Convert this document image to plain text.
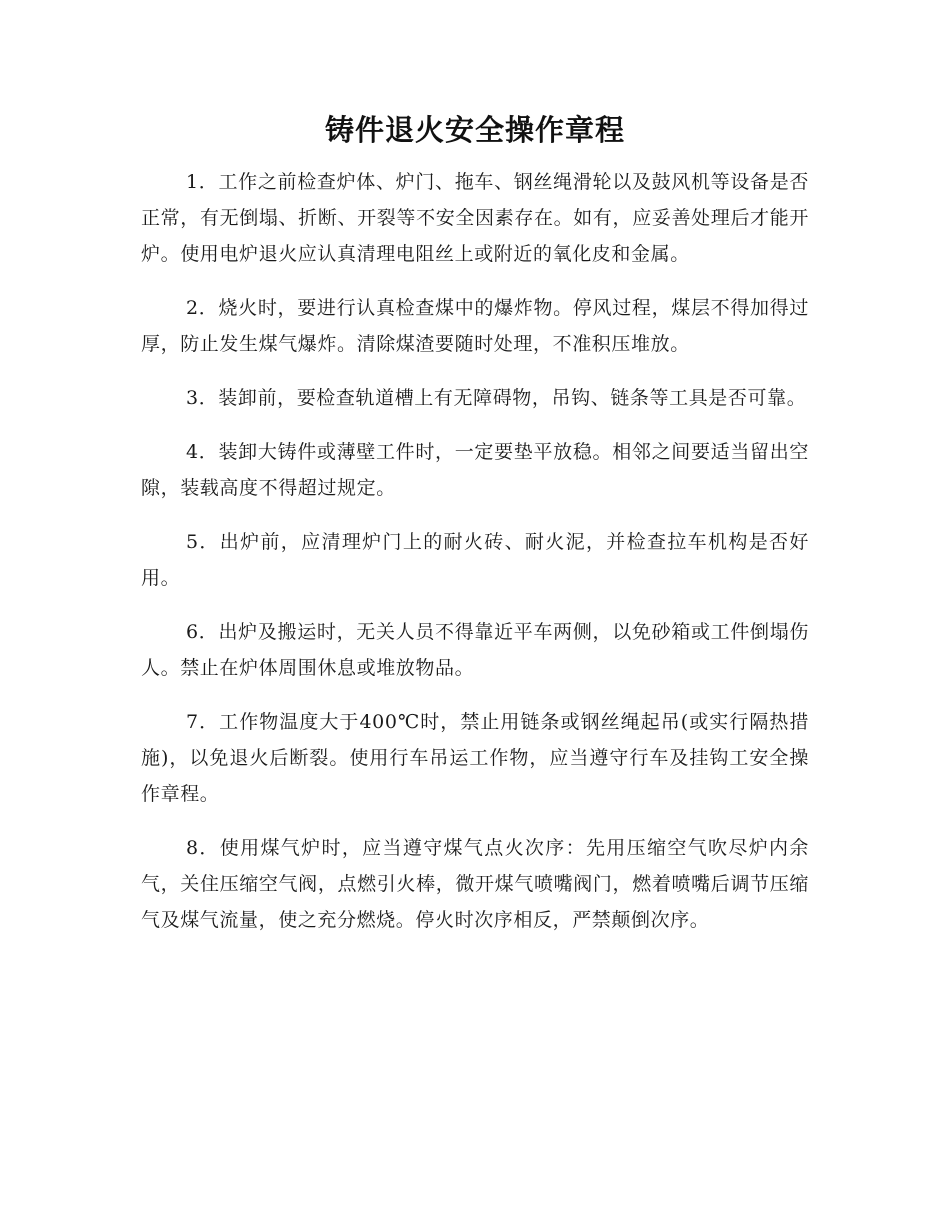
铸件退火安全操作章程

1．工作之前检查炉体、炉门、拖车、钢丝绳滑轮以及鼓风机等设备是否正常，有无倒塌、折断、开裂等不安全因素存在。如有，应妥善处理后才能开炉。使用电炉退火应认真清理电阻丝上或附近的氧化皮和金属。

2．烧火时，要进行认真检查煤中的爆炸物。停风过程，煤层不得加得过厚，防止发生煤气爆炸。清除煤渣要随时处理，不准积压堆放。

3．装卸前，要检查轨道槽上有无障碍物，吊钩、链条等工具是否可靠。

4．装卸大铸件或薄壁工件时，一定要垫平放稳。相邻之间要适当留出空隙，装载高度不得超过规定。

5．出炉前，应清理炉门上的耐火砖、耐火泥，并检查拉车机构是否好用。

6．出炉及搬运时，无关人员不得靠近平车两侧，以免砂箱或工件倒塌伤人。禁止在炉体周围休息或堆放物品。

7．工作物温度大于400℃时，禁止用链条或钢丝绳起吊(或实行隔热措施)，以免退火后断裂。使用行车吊运工作物，应当遵守行车及挂钩工安全操作章程。

8．使用煤气炉时，应当遵守煤气点火次序：先用压缩空气吹尽炉内余气，关住压缩空气阀，点燃引火棒，微开煤气喷嘴阀门，燃着喷嘴后调节压缩气及煤气流量，使之充分燃烧。停火时次序相反，严禁颠倒次序。
